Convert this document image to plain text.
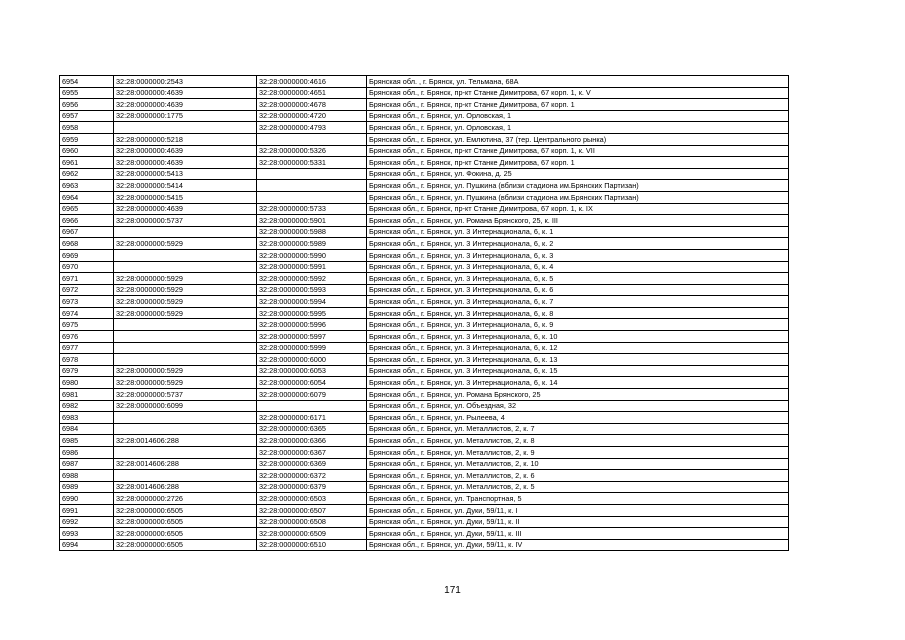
6954	32:28:0000000:2543	32:28:0000000:4616	Брянская обл. , г. Брянск, ул. Тельмана, 68А
6955	32:28:0000000:4639	32:28:0000000:4651	Брянская обл., г. Брянск, пр-кт Станке Димитрова, 67 корп. 1, к. V
6956	32:28:0000000:4639	32:28:0000000:4678	Брянская обл., г. Брянск, пр-кт Станке Димитрова, 67 корп. 1
6957	32:28:0000000:1775	32:28:0000000:4720	Брянская обл., г. Брянск, ул. Орловская, 1
6958		32:28:0000000:4793	Брянская обл., г. Брянск, ул. Орловская, 1
6959	32:28:0000000:5218		Брянская обл., г. Брянск, ул. Емлютина, 37 (тер. Центрального рынка)
6960	32:28:0000000:4639	32:28:0000000:5326	Брянская обл., г. Брянск, пр-кт Станке Димитрова, 67 корп. 1, к. VII
6961	32:28:0000000:4639	32:28:0000000:5331	Брянская обл., г. Брянск, пр-кт Станке Димитрова, 67 корп. 1
6962	32:28:0000000:5413		Брянская обл., г. Брянск, ул. Фокина, д. 25
6963	32:28:0000000:5414		Брянская обл., г. Брянск, ул. Пушкина (вблизи стадиона им.Брянских Партизан)
6964	32:28:0000000:5415		Брянская обл., г. Брянск, ул. Пушкина (вблизи стадиона им.Брянских Партизан)
6965	32:28:0000000:4639	32:28:0000000:5733	Брянская обл., г. Брянск, пр-кт Станке Димитрова, 67 корп. 1, к. IX
6966	32:28:0000000:5737	32:28:0000000:5901	Брянская обл., г. Брянск, ул. Романа Брянского, 25, к. III
6967		32:28:0000000:5988	Брянская обл., г. Брянск, ул. 3 Интернационала, 6, к. 1
6968	32:28:0000000:5929	32:28:0000000:5989	Брянская обл., г. Брянск, ул. 3 Интернационала, 6, к. 2
6969		32:28:0000000:5990	Брянская обл., г. Брянск, ул. 3 Интернационала, 6, к. 3
6970		32:28:0000000:5991	Брянская обл., г. Брянск, ул. 3 Интернационала, 6, к. 4
6971	32:28:0000000:5929	32:28:0000000:5992	Брянская обл., г. Брянск, ул. 3 Интернационала, 6, к. 5
6972	32:28:0000000:5929	32:28:0000000:5993	Брянская обл., г. Брянск, ул. 3 Интернационала, 6, к. 6
6973	32:28:0000000:5929	32:28:0000000:5994	Брянская обл., г. Брянск, ул. 3 Интернационала, 6, к. 7
6974	32:28:0000000:5929	32:28:0000000:5995	Брянская обл., г. Брянск, ул. 3 Интернационала, 6, к. 8
6975		32:28:0000000:5996	Брянская обл., г. Брянск, ул. 3 Интернационала, 6, к. 9
6976		32:28:0000000:5997	Брянская обл., г. Брянск, ул. 3 Интернационала, 6, к. 10
6977		32:28:0000000:5999	Брянская обл., г. Брянск, ул. 3 Интернационала, 6, к. 12
6978		32:28:0000000:6000	Брянская обл., г. Брянск, ул. 3 Интернационала, 6, к. 13
6979	32:28:0000000:5929	32:28:0000000:6053	Брянская обл., г. Брянск, ул. 3 Интернационала, 6, к. 15
6980	32:28:0000000:5929	32:28:0000000:6054	Брянская обл., г. Брянск, ул. 3 Интернационала, 6, к. 14
6981	32:28:0000000:5737	32:28:0000000:6079	Брянская обл., г. Брянск, ул. Романа Брянского, 25
6982	32:28:0000000:6099		Брянская обл., г. Брянск, ул. Объездная, 32
6983		32:28:0000000:6171	Брянская обл., г. Брянск, ул. Рылеева, 4
6984		32:28:0000000:6365	Брянская обл., г. Брянск, ул. Металлистов, 2, к. 7
6985	32:28:0014606:288	32:28:0000000:6366	Брянская обл., г. Брянск, ул. Металлистов, 2, к. 8
6986		32:28:0000000:6367	Брянская обл., г. Брянск, ул. Металлистов, 2, к. 9
6987	32:28:0014606:288	32:28:0000000:6369	Брянская обл., г. Брянск, ул. Металлистов, 2, к. 10
6988		32:28:0000000:6372	Брянская обл., г. Брянск, ул. Металлистов, 2, к. 6
6989	32:28:0014606:288	32:28:0000000:6379	Брянская обл., г. Брянск, ул. Металлистов, 2, к. 5
6990	32:28:0000000:2726	32:28:0000000:6503	Брянская обл., г. Брянск, ул. Транспортная, 5
6991	32:28:0000000:6505	32:28:0000000:6507	Брянская обл., г. Брянск, ул. Дуки, 59/11, к. I
6992	32:28:0000000:6505	32:28:0000000:6508	Брянская обл., г. Брянск, ул. Дуки, 59/11, к. II
6993	32:28:0000000:6505	32:28:0000000:6509	Брянская обл., г. Брянск, ул. Дуки, 59/11, к. III
6994	32:28:0000000:6505	32:28:0000000:6510	Брянская обл., г. Брянск, ул. Дуки, 59/11, к. IV
171
